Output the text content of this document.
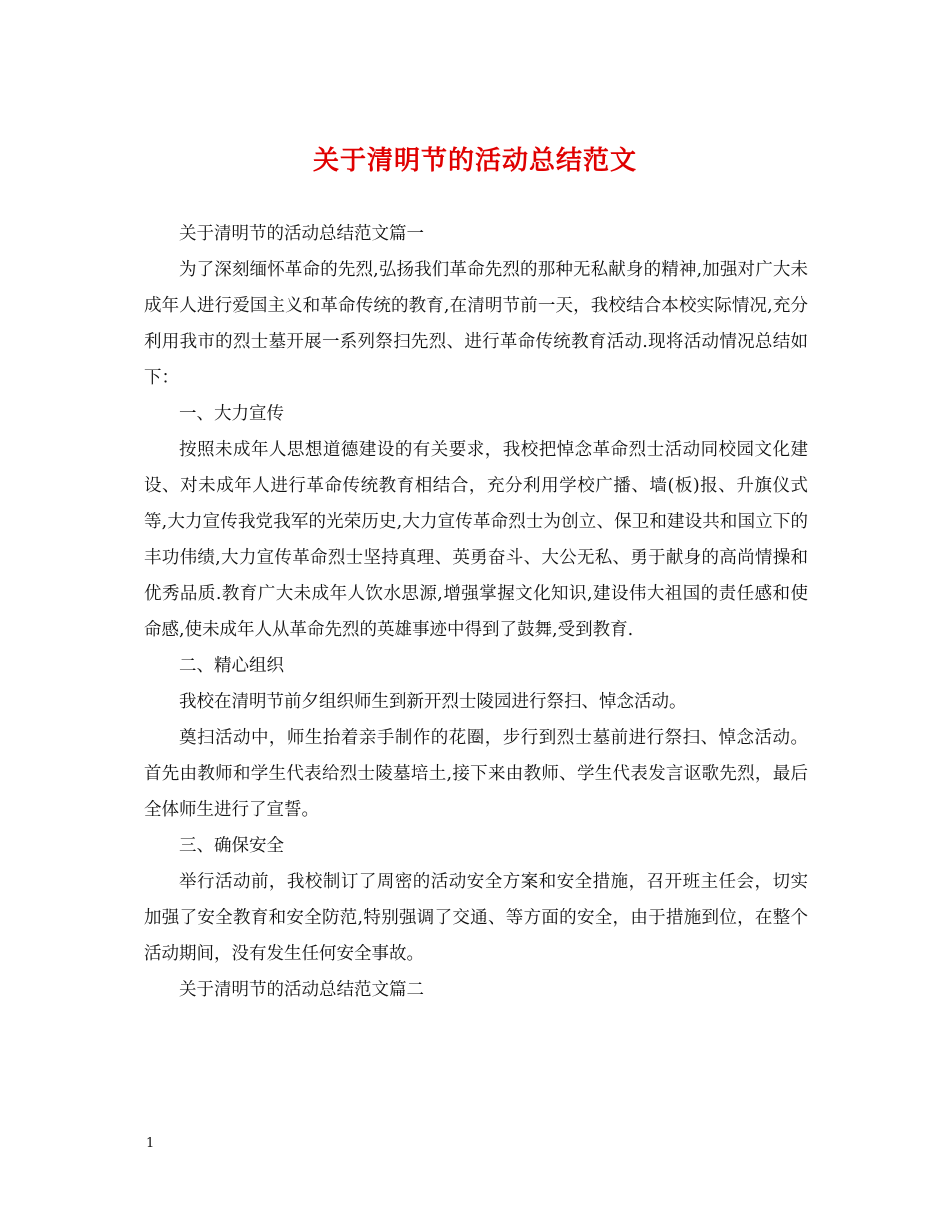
关于清明节的活动总结范文

关于清明节的活动总结范文篇一

为了深刻缅怀革命的先烈,弘扬我们革命先烈的那种无私献身的精神,加强对广大未成年人进行爱国主义和革命传统的教育,在清明节前一天，我校结合本校实际情况,充分利用我市的烈士墓开展一系列祭扫先烈、进行革命传统教育活动.现将活动情况总结如下：

一、大力宣传

按照未成年人思想道德建设的有关要求，我校把悼念革命烈士活动同校园文化建设、对未成年人进行革命传统教育相结合，充分利用学校广播、墙(板)报、升旗仪式等,大力宣传我党我军的光荣历史,大力宣传革命烈士为创立、保卫和建设共和国立下的丰功伟绩,大力宣传革命烈士坚持真理、英勇奋斗、大公无私、勇于献身的高尚情操和优秀品质.教育广大未成年人饮水思源,增强掌握文化知识,建设伟大祖国的责任感和使命感,使未成年人从革命先烈的英雄事迹中得到了鼓舞,受到教育.

二、精心组织

我校在清明节前夕组织师生到新开烈士陵园进行祭扫、悼念活动。

奠扫活动中，师生抬着亲手制作的花圈，步行到烈士墓前进行祭扫、悼念活动。首先由教师和学生代表给烈士陵墓培土,接下来由教师、学生代表发言讴歌先烈，最后全体师生进行了宣誓。

三、确保安全

举行活动前，我校制订了周密的活动安全方案和安全措施，召开班主任会，切实加强了安全教育和安全防范,特别强调了交通、等方面的安全，由于措施到位，在整个活动期间，没有发生任何安全事故。

关于清明节的活动总结范文篇二

1
